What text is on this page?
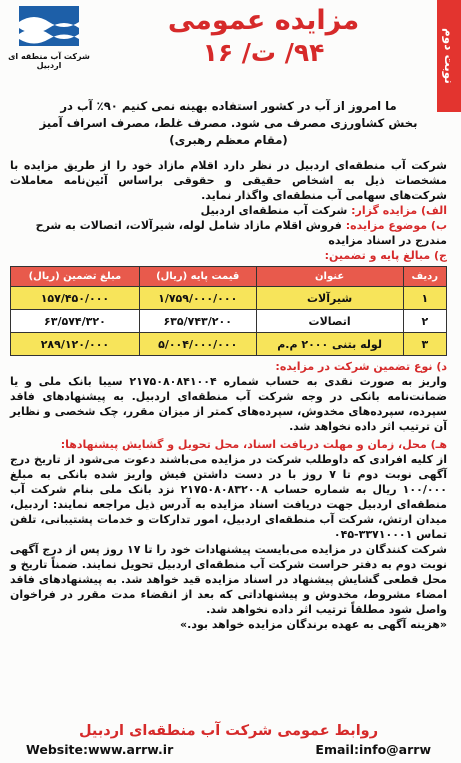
نوبت دوم
شرکت آب منطقه ای اردبیل
مزایده عمومی
۹۴/ ت/ ۱۶
ما امروز از آب در کشور استفاده بهینه نمی کنیم ۹۰٪ آب در
بخش کشاورزی مصرف می شود. مصرف غلط، مصرف اسراف آمیز
(مقام معظم رهبری)

شرکت آب منطقه‌ای اردبیل در نظر دارد اقلام مازاد خود را از طریق مزایده با مشخصات ذیل به اشخاص حقیقی و حقوقی براساس آئین‌نامه معاملات شرکت‌های سهامی آب منطقه‌ای واگذار نماید.

الف) مزایده گزار: شرکت آب منطقه‌ای اردبیل
ب) موضوع مزایده: فروش اقلام مازاد شامل لوله، شیرآلات، اتصالات به شرح مندرج در اسناد مزایده
ج) مبالغ پایه و تضمین:
ردیف	عنوان	قیمت پایه (ریال)	مبلغ تضمین (ریال)
۱	شیرآلات	۱/۷۵۹/۰۰۰/۰۰۰	۱۵۷/۴۵۰/۰۰۰
۲	اتصالات	۶۳۵/۷۴۳/۲۰۰	۶۳/۵۷۴/۳۲۰
۳	لوله بتنی ۲۰۰۰ م.م	۵/۰۰۴/۰۰۰/۰۰۰	۲۸۹/۱۲۰/۰۰۰
د) نوع تضمین شرکت در مزایده:

واریز به صورت نقدی به حساب شماره ۲۱۷۵۰۸۰۸۴۱۰۰۴ سیبا بانک ملی و یا ضمانت‌نامه بانکی در وجه شرکت آب منطقه‌ای اردبیل. به پیشنهادهای فاقد سپرده، سپرده‌های مخدوش، سپرده‌های کمتر از میزان مقرر، چک شخصی و نظایر آن ترتیب اثر داده نخواهد شد.

هـ) محل، زمان و مهلت دریافت اسناد، محل تحویل و گشایش پیشنهادها:

از کلیه افرادی که داوطلب شرکت در مزایده می‌باشند دعوت می‌شود از تاریخ درج آگهی نوبت دوم تا ۷ روز با در دست داشتن فیش واریز شده بانکی به مبلغ ۱۰۰/۰۰۰ ریال به شماره حساب ۲۱۷۵۰۸۰۸۳۲۰۰۸ نزد بانک ملی بنام شرکت آب منطقه‌ای اردبیل جهت دریافت اسناد مزایده به آدرس ذیل مراجعه نمایند: اردبیل، میدان ارتش، شرکت آب منطقه‌ای اردبیل، امور تدارکات و خدمات پشتیبانی، تلفن تماس ۳۳۷۱۰۰۰۱-۰۴۵

شرکت کنندگان در مزایده می‌بایست پیشنهادات خود را تا ۱۷ روز پس از درج آگهی نوبت دوم به دفتر حراست شرکت آب منطقه‌ای اردبیل تحویل نمایند. ضمناً تاریخ و محل قطعی گشایش پیشنهاد در اسناد مزایده قید خواهد شد. به پیشنهادهای فاقد امضاء مشروط، مخدوش و پیشنهاداتی که بعد از انقضاء مدت مقرر در فراخوان واصل شود مطلقاً ترتیب اثر داده نخواهد شد.

«هزینه آگهی به عهده برندگان مزایده خواهد بود.»

روابط عمومی شرکت آب منطقه‌ای اردبیل
Website:www.arrw.ir	Email:info@arrw
